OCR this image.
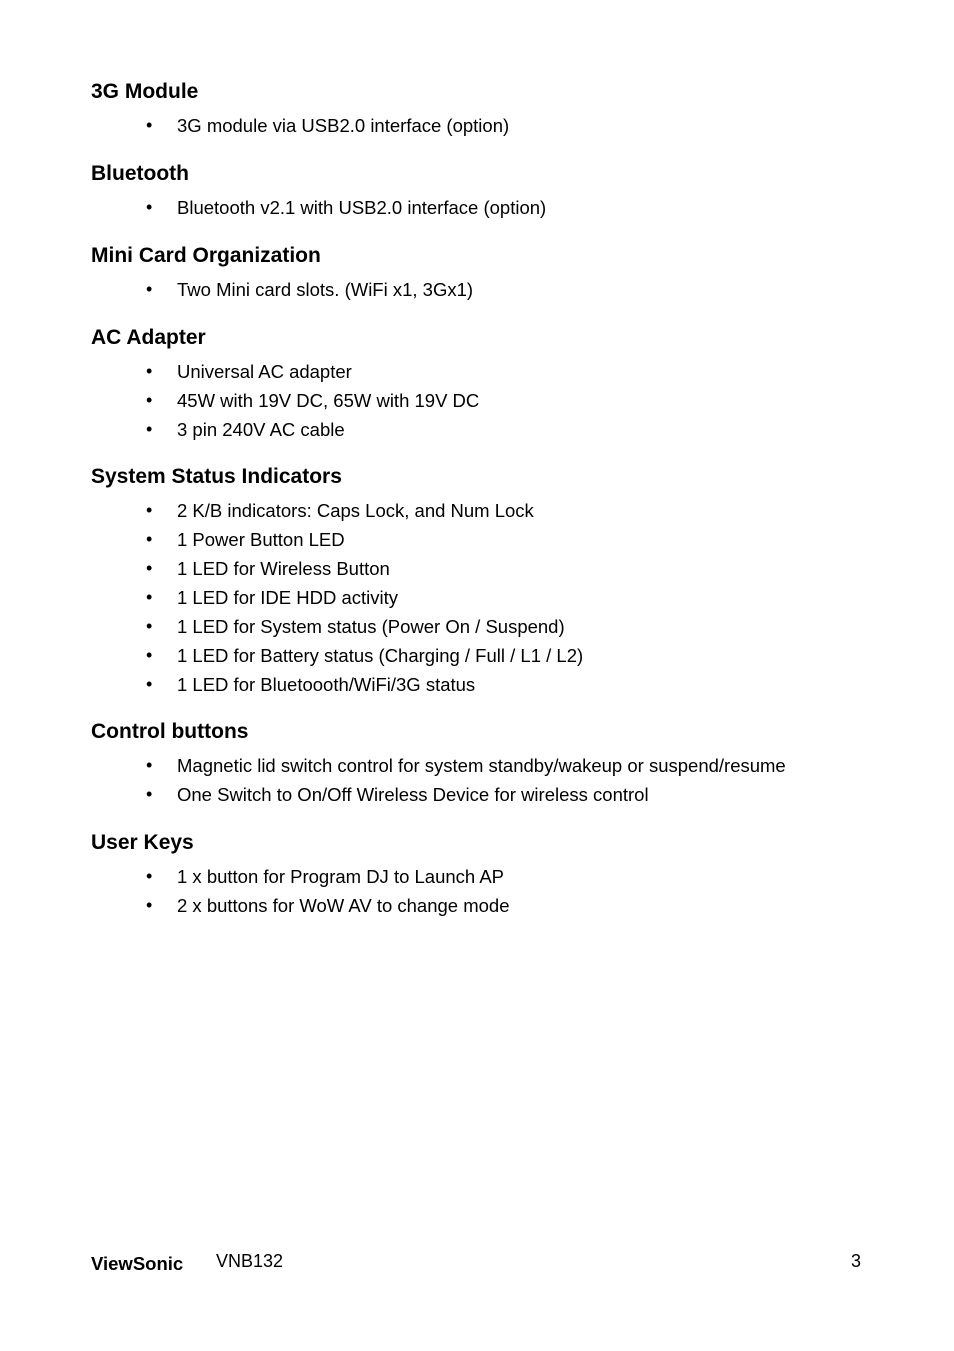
3G Module
• 3G module via USB2.0 interface (option)
Bluetooth
• Bluetooth v2.1 with USB2.0 interface (option)
Mini Card Organization
• Two Mini card slots. (WiFi x1, 3Gx1)
AC Adapter
• Universal AC adapter
• 45W with 19V DC, 65W with 19V DC
• 3 pin 240V AC cable
System Status Indicators
• 2 K/B indicators: Caps Lock, and Num Lock
• 1 Power Button LED
• 1 LED for Wireless Button
• 1 LED for IDE HDD activity
• 1 LED for System status (Power On / Suspend)
• 1 LED for Battery status (Charging / Full / L1 / L2)
• 1 LED for Bluetoooth/WiFi/3G status
Control buttons
• Magnetic lid switch control for system standby/wakeup or suspend/resume
• One Switch to On/Off Wireless Device for wireless control
User Keys
• 1 x button for Program DJ to Launch AP
• 2 x buttons for WoW AV to change mode
ViewSonic VNB132	3
